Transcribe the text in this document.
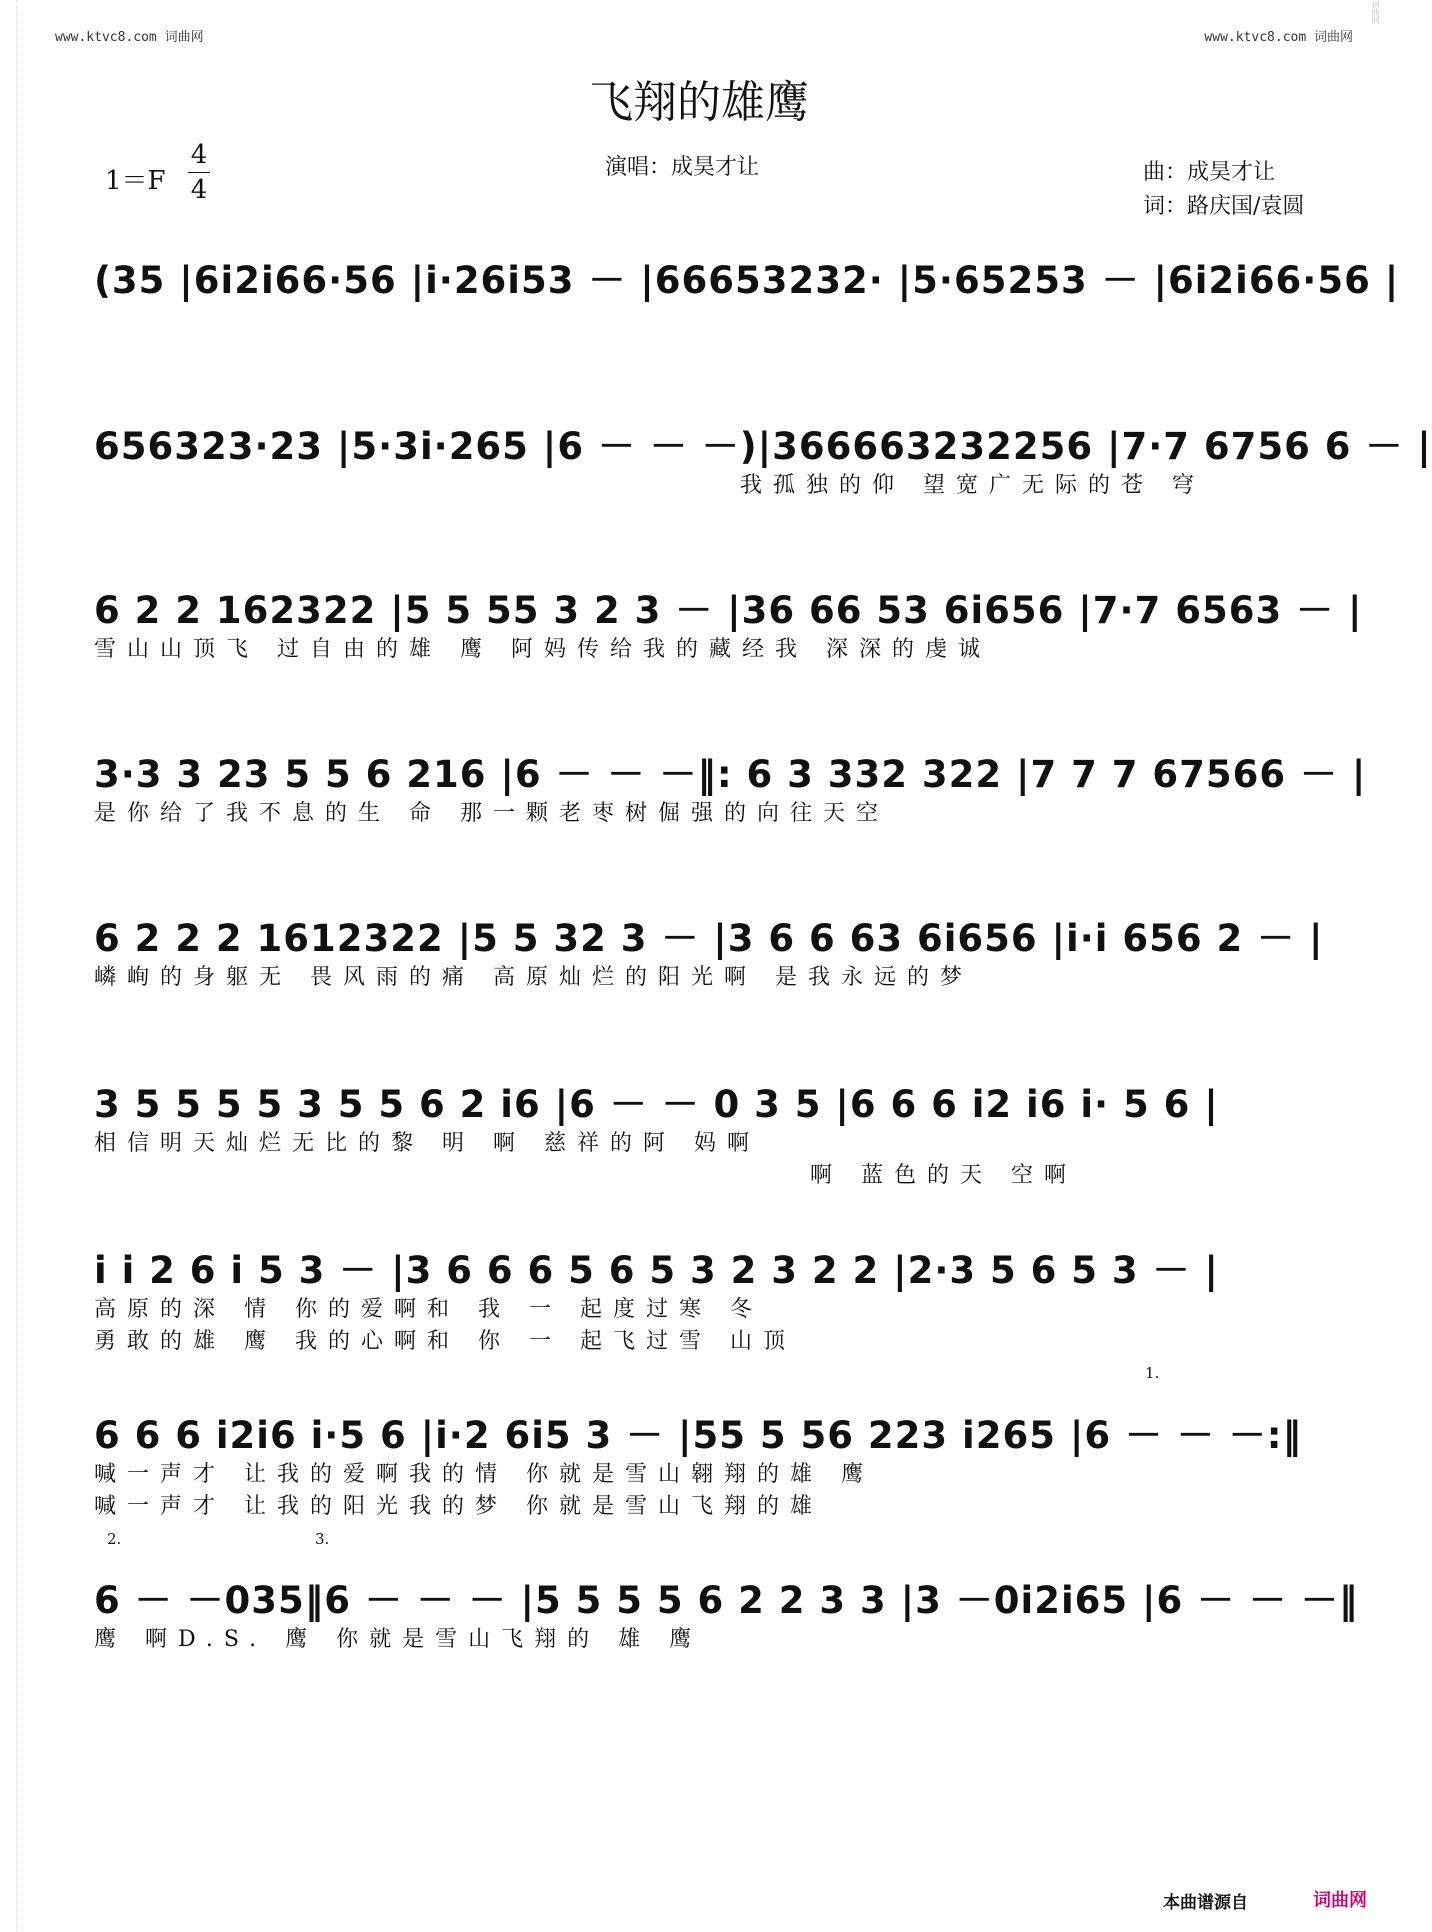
词曲网
www.ktvc8.com 词曲网	www.ktvc8.com 词曲网
飞翔的雄鹰
1＝F
4
4
演唱：成昊才让	曲：成昊才让
词：路庆国/袁圆
(35 |6i2i66·56 |i·26i53 － |66653232· |5·65253 － |6i2i66·56 |
656323·23 |5·3i·265 |6 － － －)|366663232256 |7·7 6756 6 － |
我孤独的仰 望宽广无际的苍 穹
6 2 2 162322 |5 5 55 3 2 3 － |36 66 53 6i656 |7·7 6563 － |
雪山山顶飞 过自由的雄 鹰 阿妈传给我的藏经我 深深的虔诚
3·3 3 23 5 5 6 216 |6 － － －‖: 6 3 332 322 |7 7 7 67566 － |
是你给了我不息的生 命 那一颗老枣树倔强的向往天空
6 2 2 2 1612322 |5 5 32 3 － |3 6 6 63 6i656 |i·i 656 2 － |
嶙峋的身躯无 畏风雨的痛 高原灿烂的阳光啊 是我永远的梦
3 5 5 5 5 3 5 5 6 2 i6 |6 － － 0 3 5 |6 6 6 i2 i6 i· 5 6 |
相信明天灿烂无比的黎 明 啊 慈祥的阿 妈啊
啊 蓝色的天 空啊
i i 2 6 i 5 3 － |3 6 6 6 5 6 5 3 2 3 2 2 |2·3 5 6 5 3 － |
高原的深 情 你的爱啊和 我 一 起度过寒 冬
勇敢的雄 鹰 我的心啊和 你 一 起飞过雪 山顶
6 6 6 i2i6 i·5 6 |i·2 6i5 3 － |55 5 56 223 i265 |6 － － －:‖
喊一声才 让我的爱啊我的情 你就是雪山翱翔的雄 鹰
喊一声才 让我的阳光我的梦 你就是雪山飞翔的雄
1.
2.	3.
6 － －035‖6 － － － |5 5 5 5 6 2 2 3 3 |3 －0i2i65 |6 － － －‖
鹰 啊D.S. 鹰 你就是雪山飞翔的 雄 鹰
本曲谱源自	词曲网
